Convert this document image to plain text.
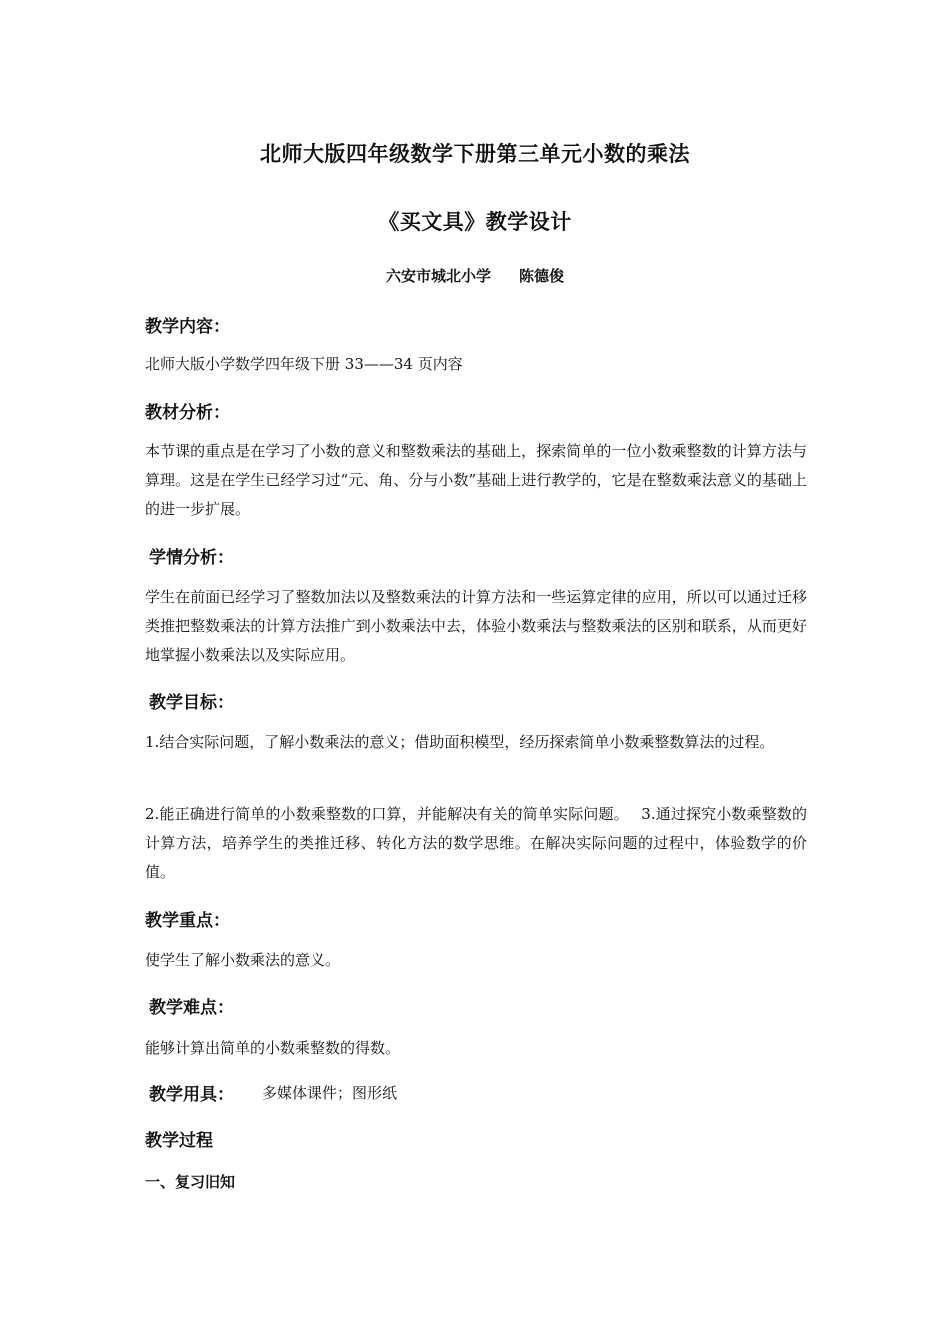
北师大版四年级数学下册第三单元小数的乘法
《买文具》教学设计
六安市城北小学 陈德俊
教学内容：
北师大版小学数学四年级下册 33——34 页内容
教材分析：
本节课的重点是在学习了小数的意义和整数乘法的基础上，探索简单的一位小数乘整数的计算方法与算理。这是在学生已经学习过“元、角、分与小数”基础上进行教学的，它是在整数乘法意义的基础上的进一步扩展。
学情分析：
学生在前面已经学习了整数加法以及整数乘法的计算方法和一些运算定律的应用，所以可以通过迁移类推把整数乘法的计算方法推广到小数乘法中去，体验小数乘法与整数乘法的区别和联系，从而更好地掌握小数乘法以及实际应用。
教学目标：
1.结合实际问题，了解小数乘法的意义；借助面积模型，经历探索简单小数乘整数算法的过程。
2.能正确进行简单的小数乘整数的口算，并能解决有关的简单实际问题。　 3.通过探究小数乘整数的计算方法，培养学生的类推迁移、转化方法的数学思维。在解决实际问题的过程中，体验数学的价值。
教学重点：
使学生了解小数乘法的意义。
教学难点：
能够计算出简单的小数乘整数的得数。
教学用具： 多媒体课件；图形纸
教学过程
一、复习旧知
